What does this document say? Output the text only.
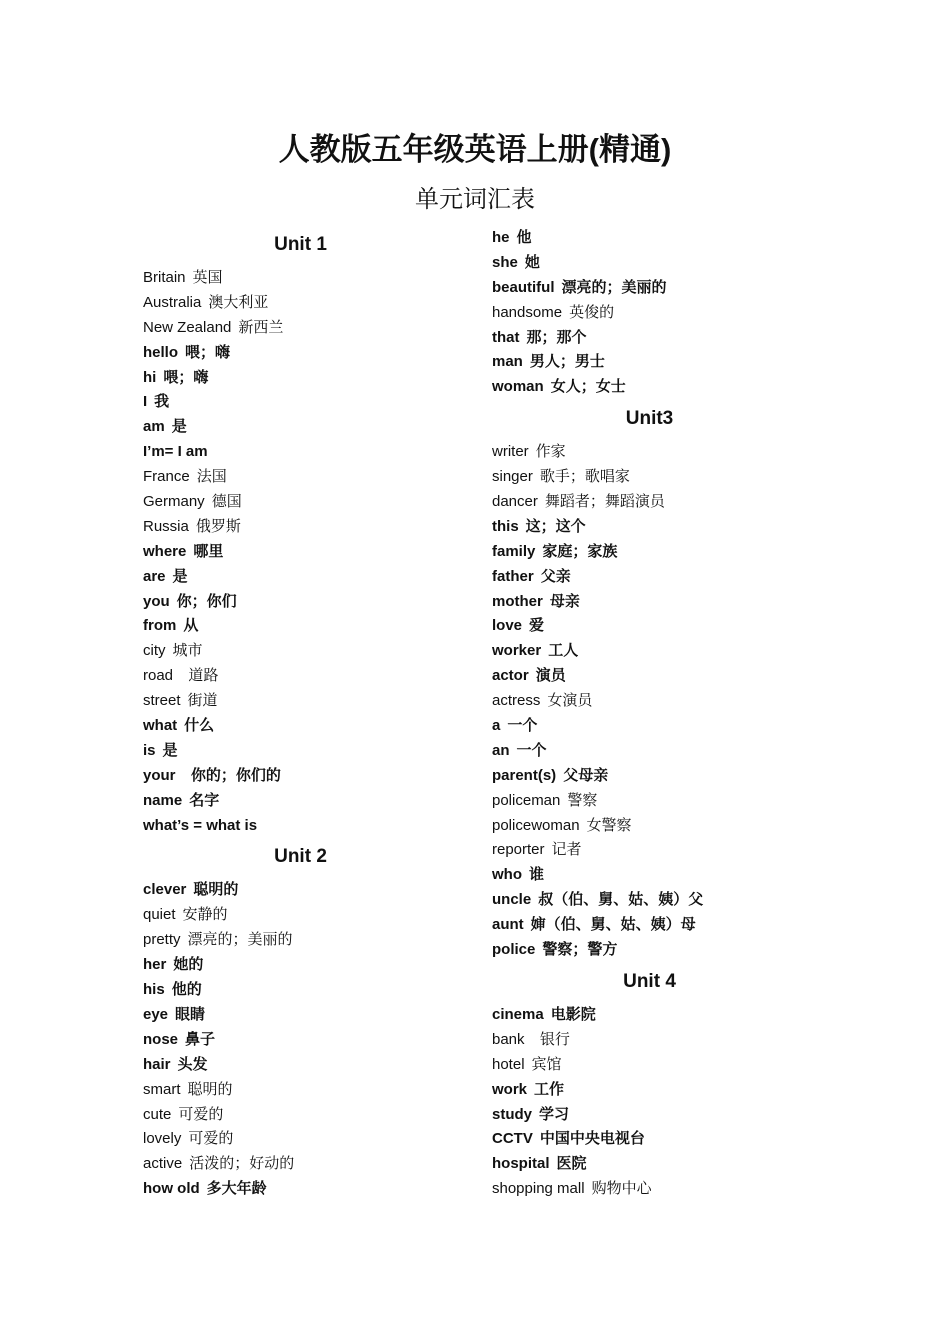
人教版五年级英语上册(精通)
单元词汇表
Unit 1
Britain 英国
Australia 澳大利亚
New Zealand 新西兰
hello 喂；嗨
hi 喂；嗨
I 我
am 是
I’m= I am
France 法国
Germany 德国
Russia 俄罗斯
where 哪里
are 是
you 你；你们
from 从
city 城市
road  道路
street 街道
what 什么
is 是
your  你的；你们的
name 名字
what’s = what is
Unit 2
clever 聪明的
quiet 安静的
pretty 漂亮的；美丽的
her 她的
his 他的
eye 眼睛
nose 鼻子
hair 头发
smart 聪明的
cute 可爱的
lovely 可爱的
active 活泼的；好动的
how old 多大年龄
he 他
she 她
beautiful 漂亮的；美丽的
handsome 英俊的
that 那；那个
man 男人；男士
woman 女人；女士
Unit3
writer 作家
singer 歌手；歌唱家
dancer 舞蹈者；舞蹈演员
this 这；这个
family 家庭；家族
father 父亲
mother 母亲
love 爱
worker 工人
actor 演员
actress 女演员
a 一个
an 一个
parent(s) 父母亲
policeman 警察
policewoman 女警察
reporter 记者
who 谁
uncle 叔（伯、舅、姑、姨）父
aunt 婶（伯、舅、姑、姨）母
police 警察；警方
Unit 4
cinema 电影院
bank  银行
hotel 宾馆
work 工作
study 学习
CCTV 中国中央电视台
hospital 医院
shopping mall 购物中心
